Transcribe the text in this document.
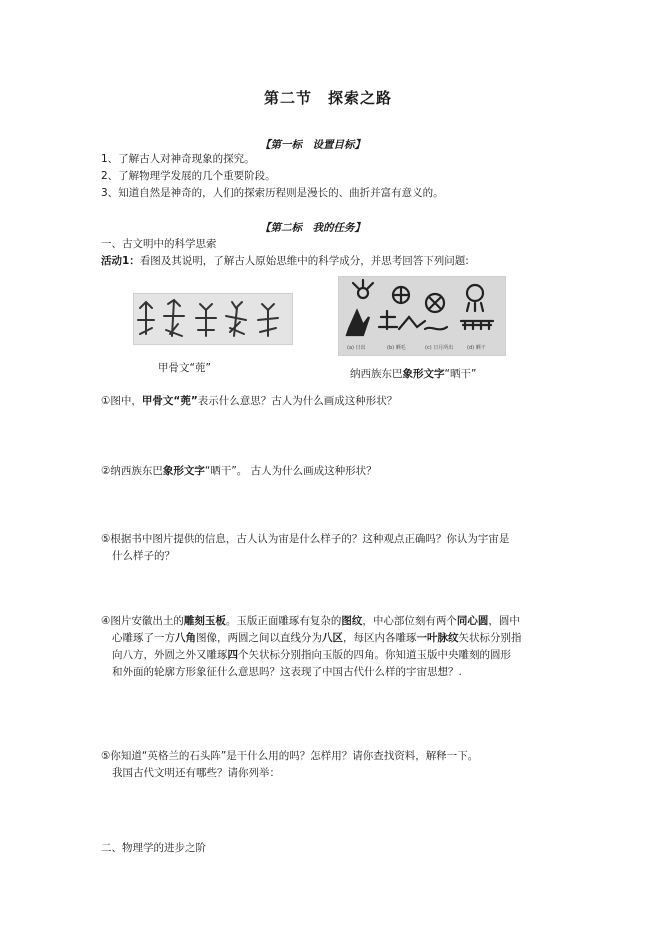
第二节　探索之路
【第一标　设置目标】
1、了解古人对神奇现象的探究。
2、了解物理学发展的几个重要阶段。
3、知道自然是神奇的，人们的探索历程则是漫长的、曲折并富有意义的。
【第二标　我的任务】
一、古文明中的科学思索
活动1：看图及其说明，了解古人原始思维中的科学成分，并思考回答下列问题:
(a) 日出	(b) 晒毛	(c) 日月所出	(d) 晒干
甲骨文“蔸”	纳西族东巴象形文字“晒干”
①图中，甲骨文“蔸”表示什么意思？古人为什么画成这种形状？
②纳西族东巴象形文字“晒干”。 古人为什么画成这种形状？
⑤根据书中图片提供的信息，古人认为宙是什么样子的？这种观点正确吗？你认为宇宙是
什么样子的？
④图片安徽出土的雕刻玉板。玉版正面雕琢有复杂的图纹，中心部位刻有两个同心圆，圆中
心雕琢了一方八角图像，两圆之间以直线分为八区，每区内各雕琢一叶脉纹矢状标分别指
向八方，外圆之外又雕琢四个矢状标分别指向玉版的四角。你知道玉版中央雕刻的圆形
和外面的轮廓方形象征什么意思吗？这表现了中国古代什么样的宇宙思想？.
⑤你知道“英格兰的石头阵”是干什么用的吗？怎样用？请你查找资料，解释一下。
我国古代文明还有哪些？请你列举：
二、物理学的进步之阶
